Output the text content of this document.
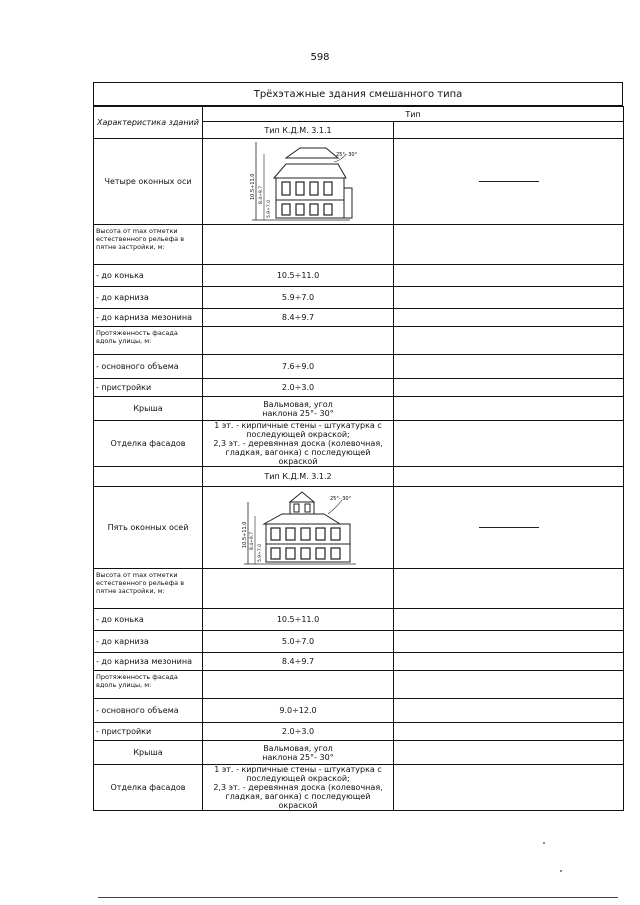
598
Трёхэтажные здания смешанного типа
Характеристика зданий	Тип	
	Тип К.Д.М. 3.1.1	
Четыре оконных оси	10.5÷11.0 8.4÷9.7
5.9÷7.0
25°- 30°	

Высота от max отметки естественного рельефа в пятне застройки, м:		
- до конька	10.5÷11.0	
- до карниза	5.9÷7.0	
- до карниза мезонина	8.4÷9.7	
Протяженность фасада вдоль улицы, м:		
- основного объема	7.6÷9.0	
- пристройки	2.0÷3.0	
Крыша	Вальмовая, угол
наклона 25°- 30°	
Отделка фасадов	1 эт. - кирпичные стены - штукатурка с последующей окраской;
2,3 эт. - деревянная доска (колевочная, гладкая, вагонка) с последующей окраской	
	Тип К.Д.М. 3.1.2	
Пять оконных осей	10.5÷11.0 8.4÷9.7
5.9÷7.0
25°- 30°	

Высота от max отметки естественного рельефа в пятне застройки, м:		
- до конька	10.5÷11.0	
- до карниза	5.0÷7.0	
- до карниза мезонина	8.4÷9.7	
Протяженность фасада вдоль улицы, м:		
- основного объема	9.0÷12.0	
- пристройки	2.0÷3.0	
Крыша	Вальмовая, угол
наклона 25°- 30°	
Отделка фасадов	1 эт. - кирпичные стены - штукатурка с последующей окраской;
2,3 эт. - деревянная доска (колевочная, гладкая, вагонка) с последующей окраской	
